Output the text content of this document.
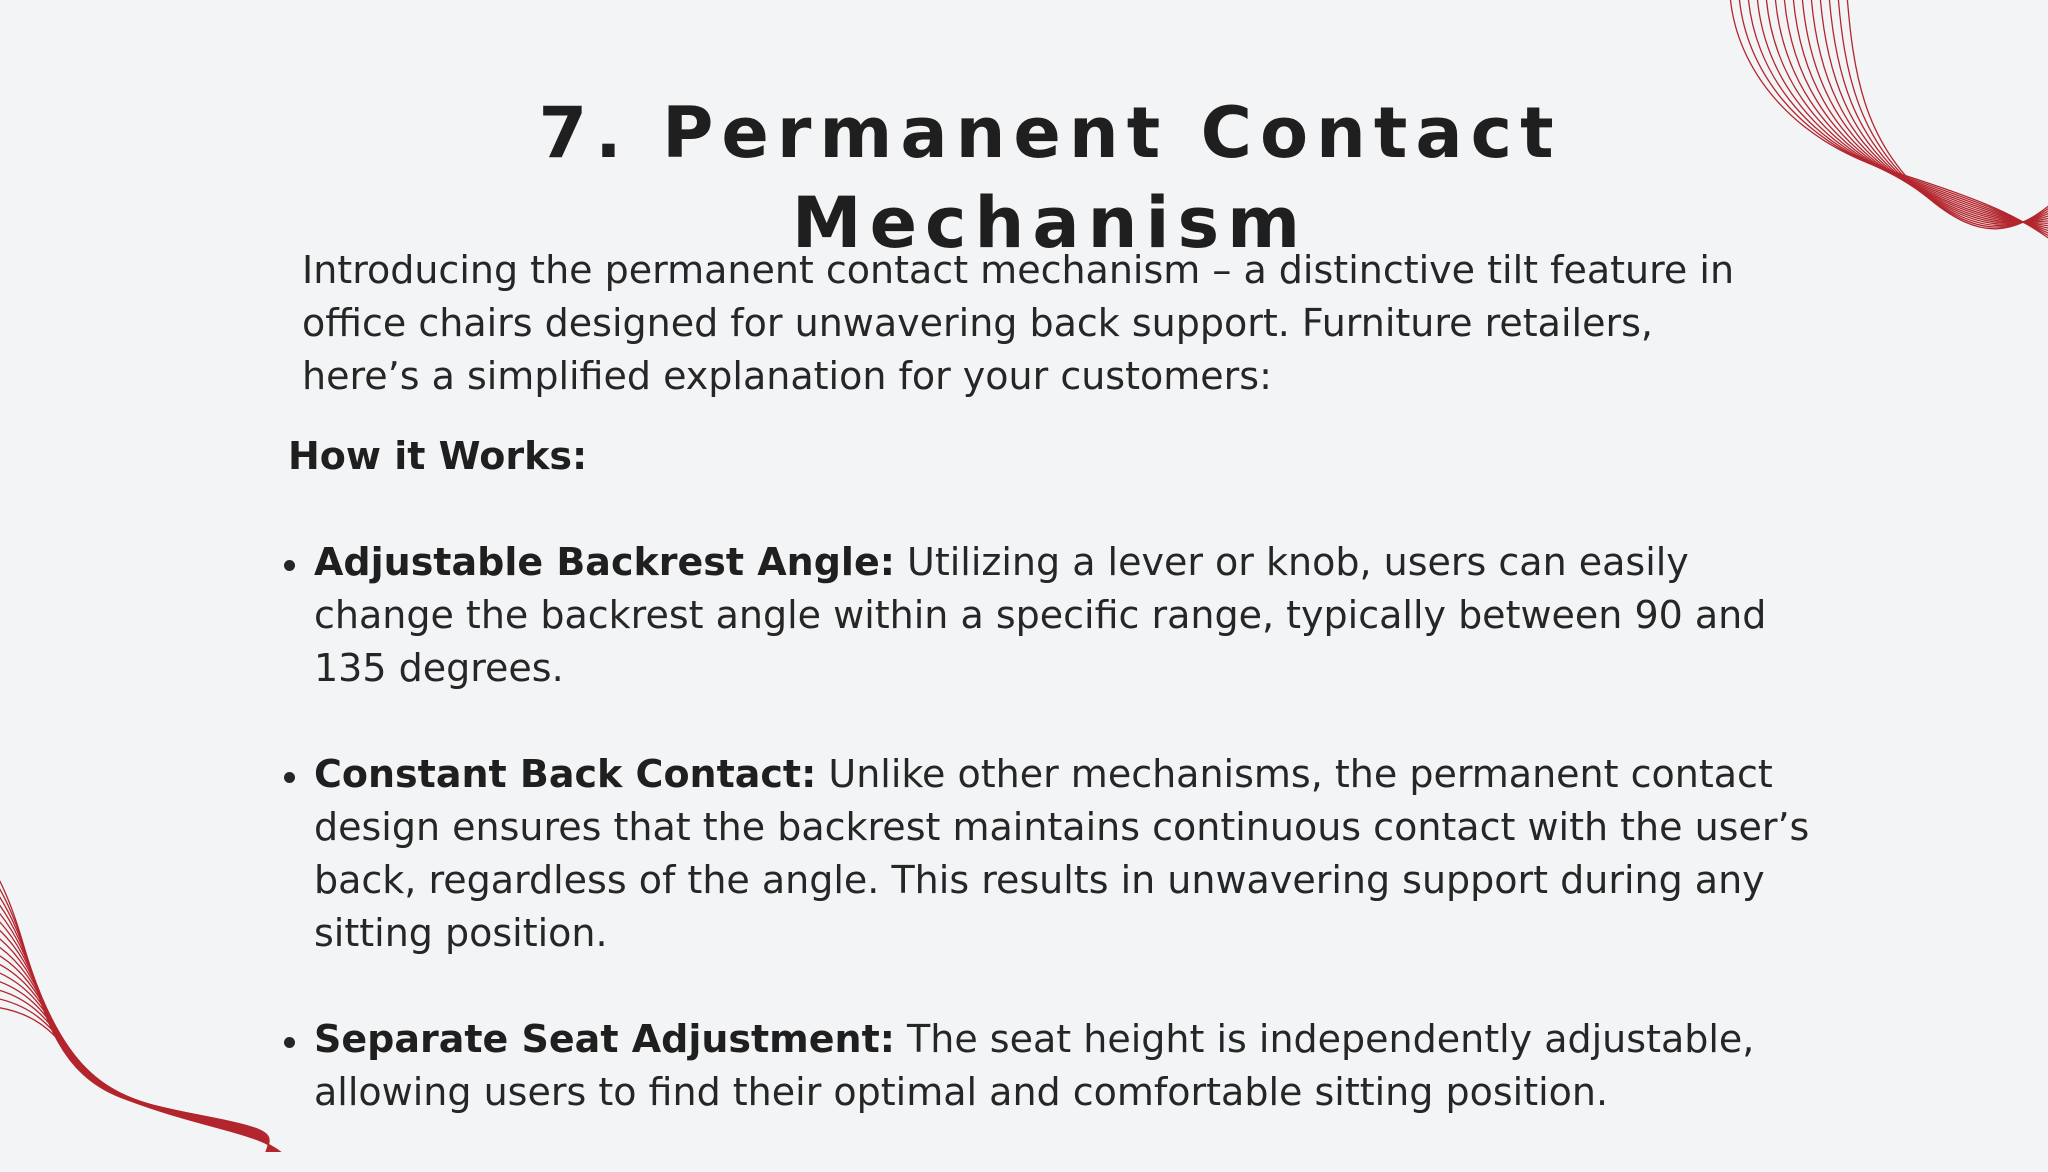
7. Permanent Contact Mechanism

Introducing the permanent contact mechanism – a distinctive tilt feature in office chairs designed for unwavering back support. Furniture retailers, here’s a simplified explanation for your customers:

How it Works:
Adjustable Backrest Angle: Utilizing a lever or knob, users can easily change the backrest angle within a specific range, typically between 90 and 135 degrees.
Constant Back Contact: Unlike other mechanisms, the permanent contact design ensures that the backrest maintains continuous contact with the user’s back, regardless of the angle. This results in unwavering support during any sitting position.
Separate Seat Adjustment: The seat height is independently adjustable, allowing users to find their optimal and comfortable sitting position.
